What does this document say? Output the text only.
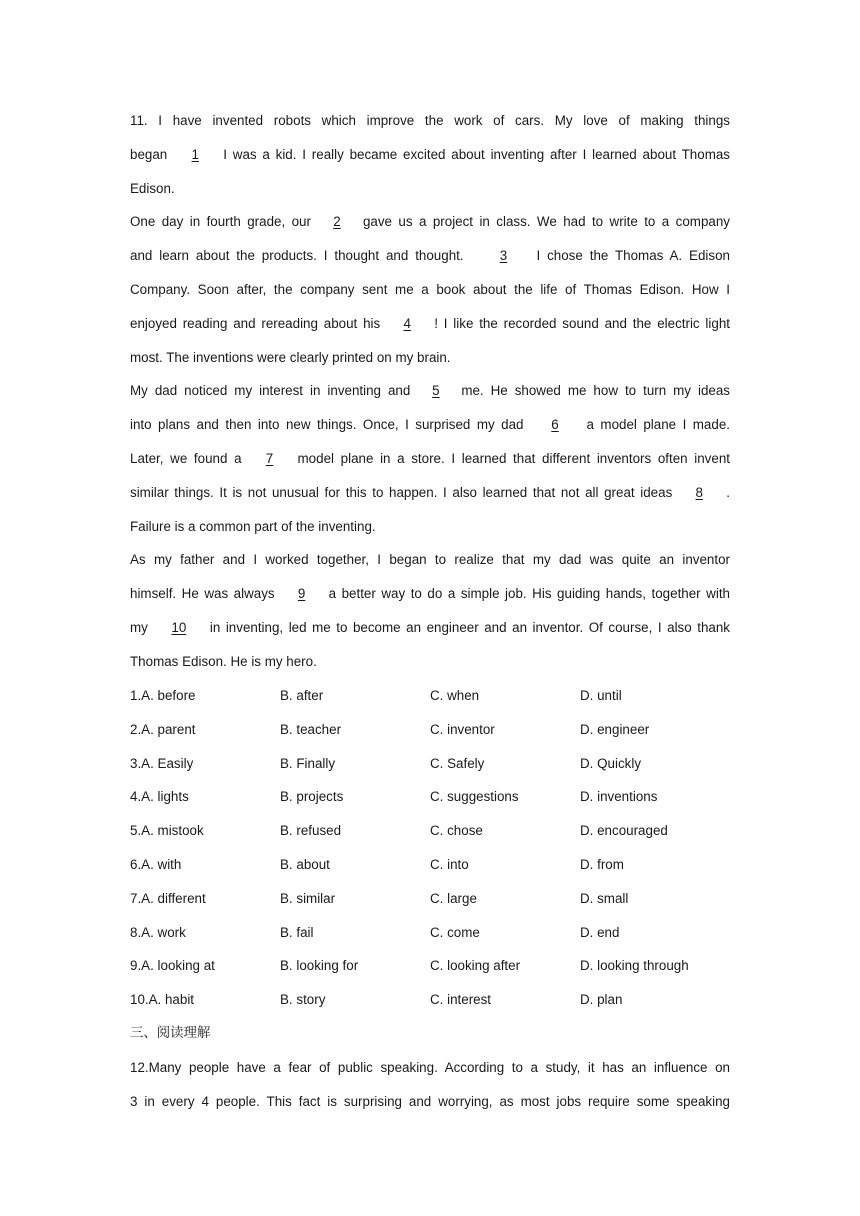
11. I have invented robots which improve the work of cars. My love of making things
began 1 I was a kid. I really became excited about inventing after I learned about Thomas
Edison.
One day in fourth grade, our 2 gave us a project in class. We had to write to a company
and learn about the products. I thought and thought. 3 I chose the Thomas A. Edison
Company. Soon after, the company sent me a book about the life of Thomas Edison. How I
enjoyed reading and rereading about his 4 ! I like the recorded sound and the electric light
most. The inventions were clearly printed on my brain.
My dad noticed my interest in inventing and 5 me. He showed me how to turn my ideas
into plans and then into new things. Once, I surprised my dad 6 a model plane I made.
Later, we found a 7 model plane in a store. I learned that different inventors often invent
similar things. It is not unusual for this to happen. I also learned that not all great ideas 8 .
Failure is a common part of the inventing.
As my father and I worked together, I began to realize that my dad was quite an inventor
himself. He was always 9 a better way to do a simple job. His guiding hands, together with
my 10 in inventing, led me to become an engineer and an inventor. Of course, I also thank
Thomas Edison. He is my hero.
1.A. before	B. after	C. when	D. until
2.A. parent	B. teacher	C. inventor	D. engineer
3.A. Easily	B. Finally	C. Safely	D. Quickly
4.A. lights	B. projects	C. suggestions	D. inventions
5.A. mistook	B. refused	C. chose	D. encouraged
6.A. with	B. about	C. into	D. from
7.A. different	B. similar	C. large	D. small
8.A. work	B. fail	C. come	D. end
9.A. looking at	B. looking for	C. looking after	D. looking through
10.A. habit	B. story	C. interest	D. plan
三、阅读理解
12.Many people have a fear of public speaking. According to a study, it has an influence on
3 in every 4 people. This fact is surprising and worrying, as most jobs require some speaking
